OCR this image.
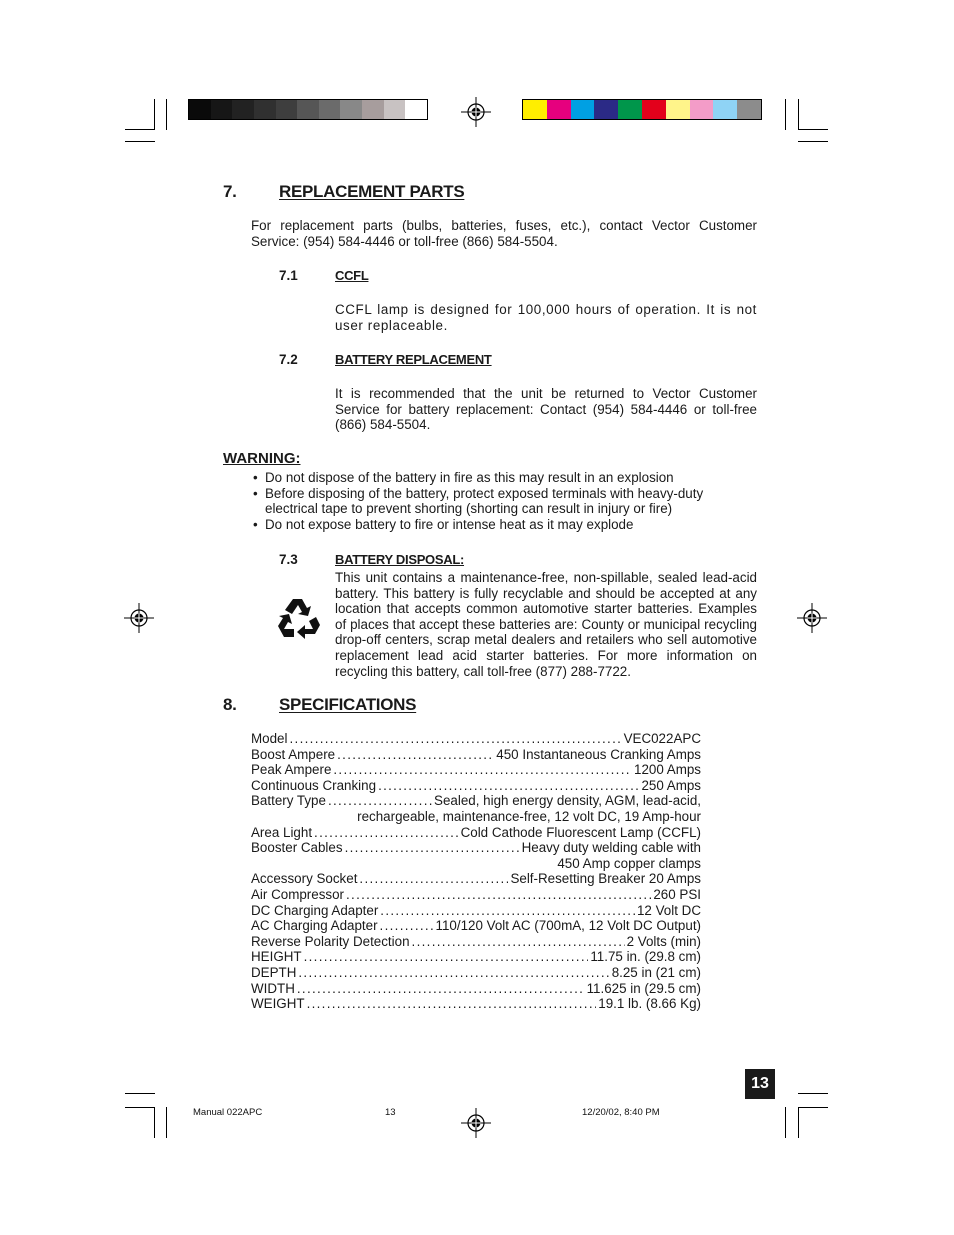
7. REPLACEMENT PARTS
For replacement parts (bulbs, batteries, fuses, etc.), contact Vector Customer Service: (954) 584-4446 or toll-free (866) 584-5504.
7.1	CCFL
CCFL lamp is designed for 100,000 hours of operation. It is not user replaceable.
7.2	BATTERY REPLACEMENT
It is recommended that the unit be returned to Vector Customer Service for battery replacement: Contact (954) 584-4446 or toll-free (866) 584-5504.
WARNING:
• Do not dispose of the battery in fire as this may result in an explosion
• Before disposing of the battery, protect exposed terminals with heavy-duty electrical tape to prevent shorting (shorting can result in injury or fire)
• Do not expose battery to fire or intense heat as it may explode
7.3	BATTERY DISPOSAL:
This unit contains a maintenance-free, non-spillable, sealed lead-acid battery. This battery is fully recyclable and should be accepted at any location that accepts common automotive starter batteries. Examples of places that accept these batteries are: County or municipal recycling drop-off centers, scrap metal dealers and retailers who sell automotive replacement lead acid starter batteries. For more information on recycling this battery, call toll-free (877) 288-7722.
8. SPECIFICATIONS
Model . . .	VEC022APC
Boost Ampere . . .	450 Instantaneous Cranking Amps
Peak Ampere . . .	1200 Amps
Continuous Cranking . . .	250 Amps
Battery Type . . .	Sealed, high energy density, AGM, lead-acid,
rechargeable, maintenance-free, 12 volt DC, 19 Amp-hour
Area Light . . .	Cold Cathode Fluorescent Lamp (CCFL)
Booster Cables . . .	Heavy duty welding cable with
450 Amp copper clamps
Accessory Socket . . .	Self-Resetting Breaker 20 Amps
Air Compressor . . .	260 PSI
DC Charging Adapter . . .	12 Volt DC
AC Charging Adapter . . .	110/120 Volt AC (700mA, 12 Volt DC Output)
Reverse Polarity Detection . . .	2 Volts (min)
HEIGHT . . .	11.75 in. (29.8 cm)
DEPTH . . .	8.25 in (21 cm)
WIDTH . . .	11.625 in (29.5 cm)
WEIGHT . . .	19.1 lb. (8.66 Kg)
13
Manual 022APC	13	12/20/02, 8:40 PM
